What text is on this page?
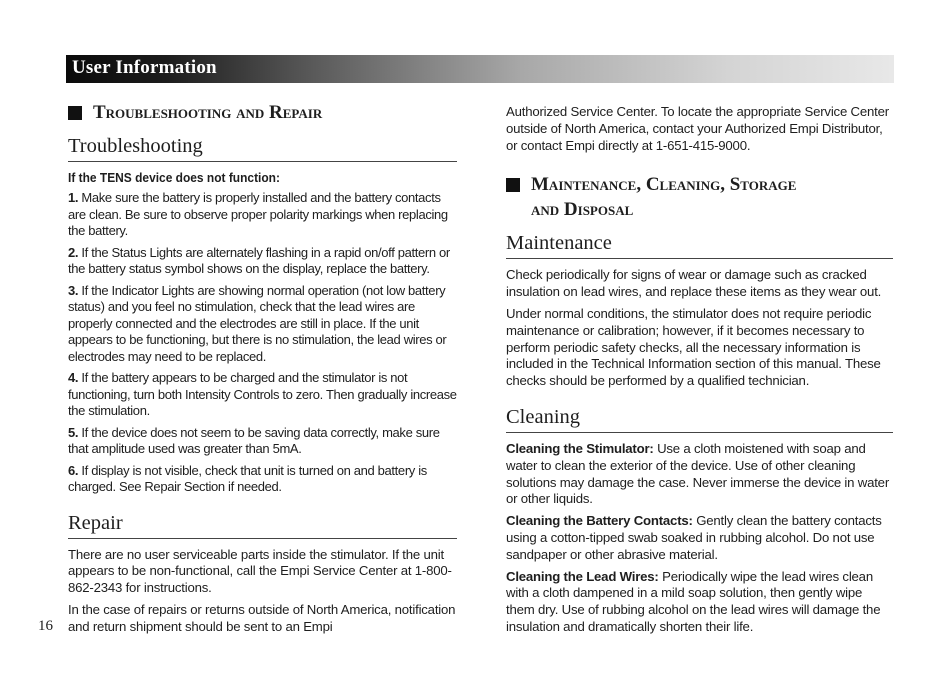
User Information
Troubleshooting and Repair
Troubleshooting

If the TENS device does not function:

1. Make sure the battery is properly installed and the battery contacts are clean. Be sure to observe proper polarity markings when replacing the battery.

2. If the Status Lights are alternately flashing in a rapid on/off pattern or the battery status symbol shows on the display, replace the battery.

3. If the Indicator Lights are showing normal operation (not low battery status) and you feel no stimulation, check that the lead wires are properly connected and the electrodes are still in place. If the unit appears to be functioning, but there is no stimulation, the lead wires or electrodes may need to be replaced.

4. If the battery appears to be charged and the stimulator is not functioning, turn both Intensity Controls to zero. Then gradually increase the stimulation.

5. If the device does not seem to be saving data correctly, make sure that amplitude used was greater than 5mA.

6. If display is not visible, check that unit is turned on and battery is charged. See Repair Section if needed.

Repair

There are no user serviceable parts inside the stimulator. If the unit appears to be non-functional, call the Empi Service Center at 1-800-862-2343 for instructions.

In the case of repairs or returns outside of North America, notification and return shipment should be sent to an Empi

16

Authorized Service Center. To locate the appropriate Service Center outside of North America, contact your Authorized Empi Distributor, or contact Empi directly at 1-651-415-9000.

Maintenance, Cleaning, Storage
and Disposal
Maintenance

Check periodically for signs of wear or damage such as cracked insulation on lead wires, and replace these items as they wear out.

Under normal conditions, the stimulator does not require periodic maintenance or calibration; however, if it becomes necessary to perform periodic safety checks, all the necessary information is included in the Technical Information section of this manual. These checks should be performed by a qualified technician.

Cleaning

Cleaning the Stimulator: Use a cloth moistened with soap and water to clean the exterior of the device. Use of other cleaning solutions may damage the case. Never immerse the device in water or other liquids.

Cleaning the Battery Contacts: Gently clean the battery contacts using a cotton-tipped swab soaked in rubbing alcohol. Do not use sandpaper or other abrasive material.

Cleaning the Lead Wires: Periodically wipe the lead wires clean with a cloth dampened in a mild soap solution, then gently wipe them dry. Use of rubbing alcohol on the lead wires will damage the insulation and dramatically shorten their life.
